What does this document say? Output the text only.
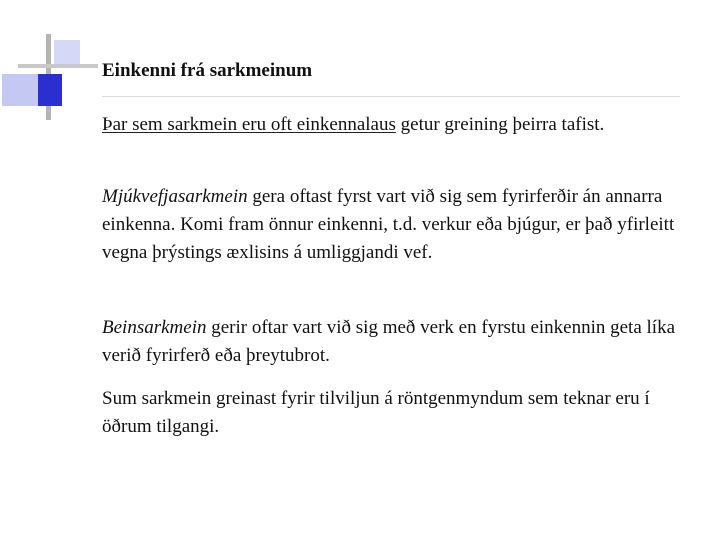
Einkenni frá sarkmeinum

Þar sem sarkmein eru oft einkennalaus getur greining þeirra tafist.

Mjúkvefjasarkmein gera oftast fyrst vart við sig sem fyrirferðir án annarra einkenna. Komi fram önnur einkenni, t.d. verkur eða bjúgur, er það yfirleitt vegna þrýstings æxlisins á umliggjandi vef.

Beinsarkmein gerir oftar vart við sig með verk en fyrstu einkennin geta líka verið fyrirferð eða þreytubrot.

Sum sarkmein greinast fyrir tilviljun á röntgenmyndum sem teknar eru í öðrum tilgangi.
